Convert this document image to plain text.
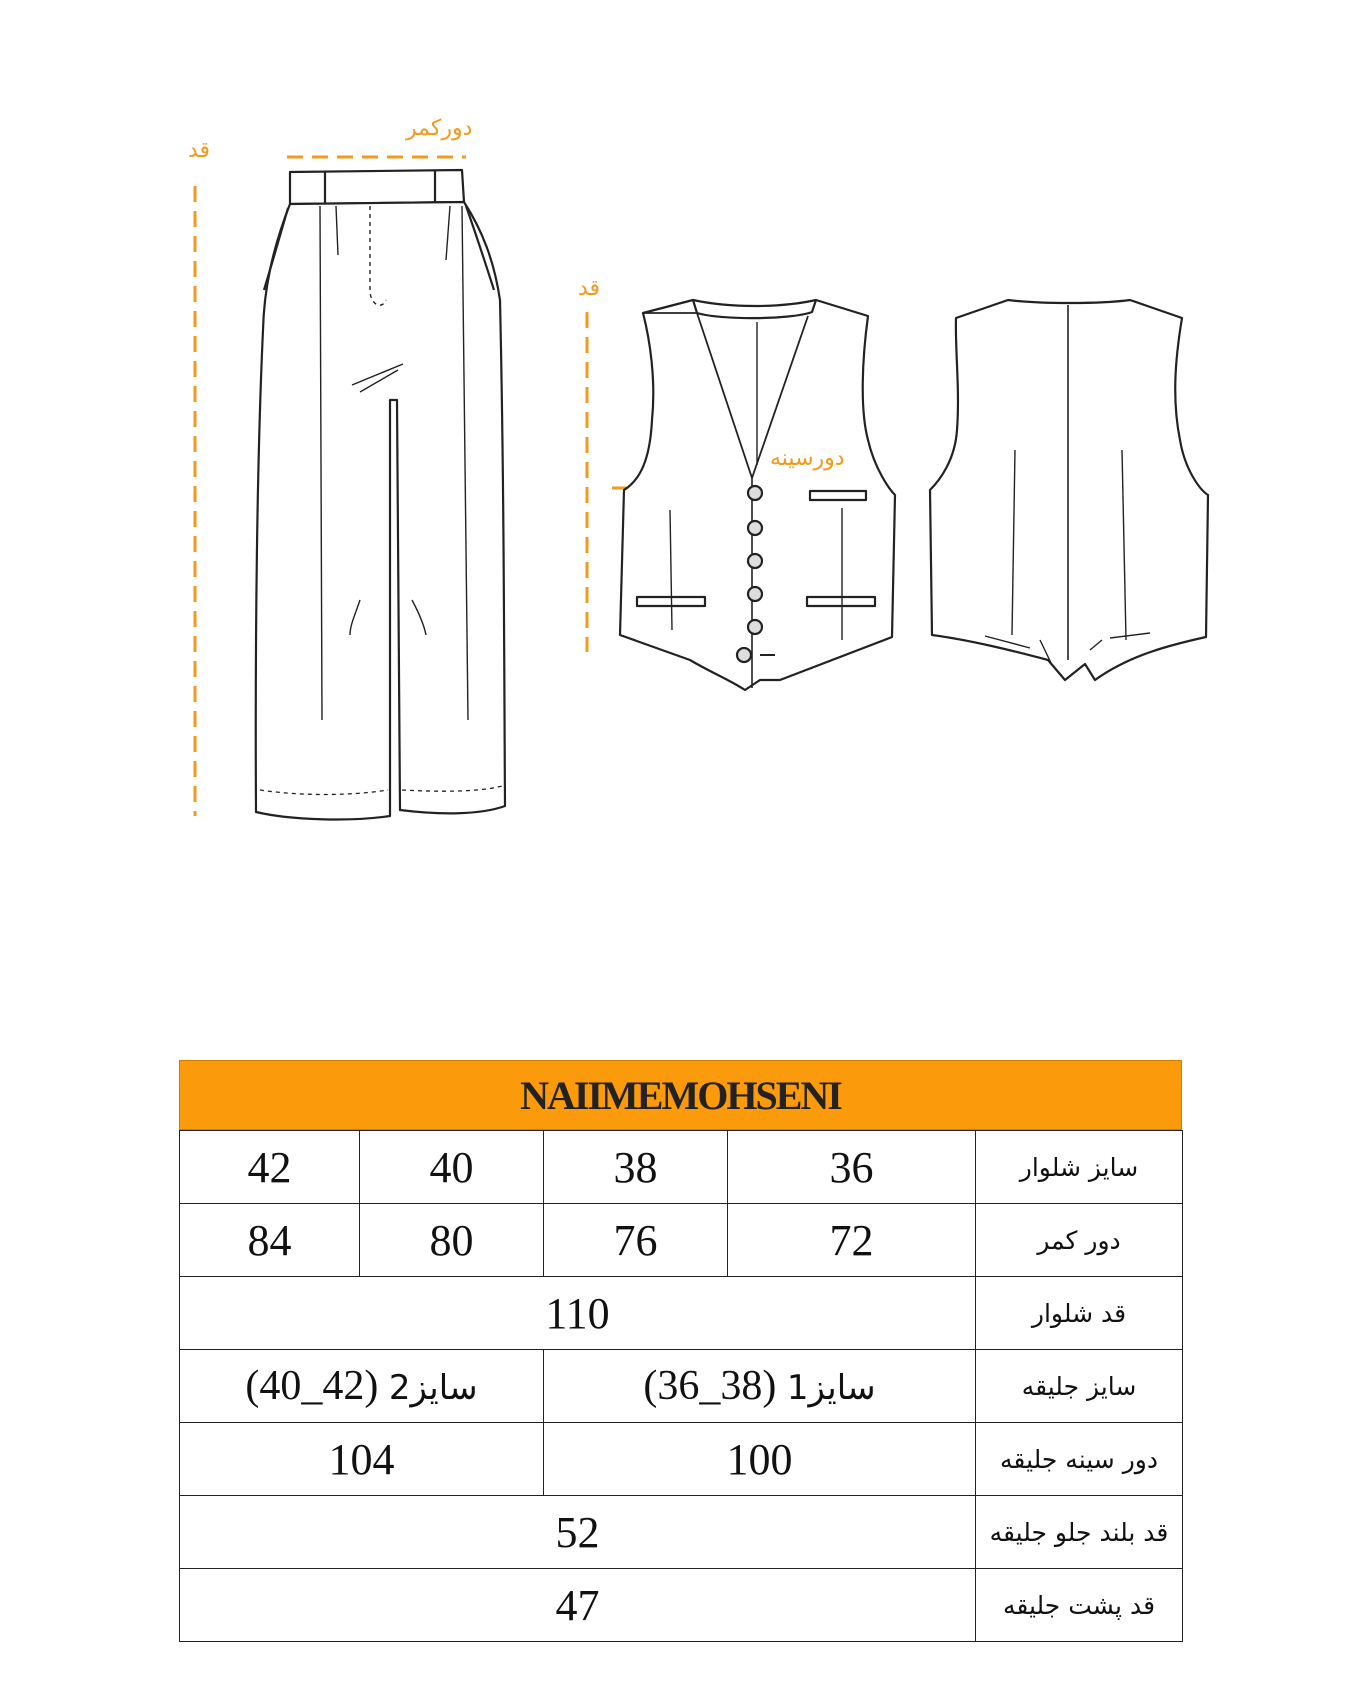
قد
دورکمر
قد
دورسینه
NAIIMEMOHSENI
42	40	38	36	سایز شلوار
84	80	76	72	دور کمر
110				قد شلوار
(40_42) سایز2		(36_38) سایز1		سایز جلیقه
104		100		دور سینه جلیقه
52				قد بلند جلو جلیقه
47				قد پشت جلیقه
